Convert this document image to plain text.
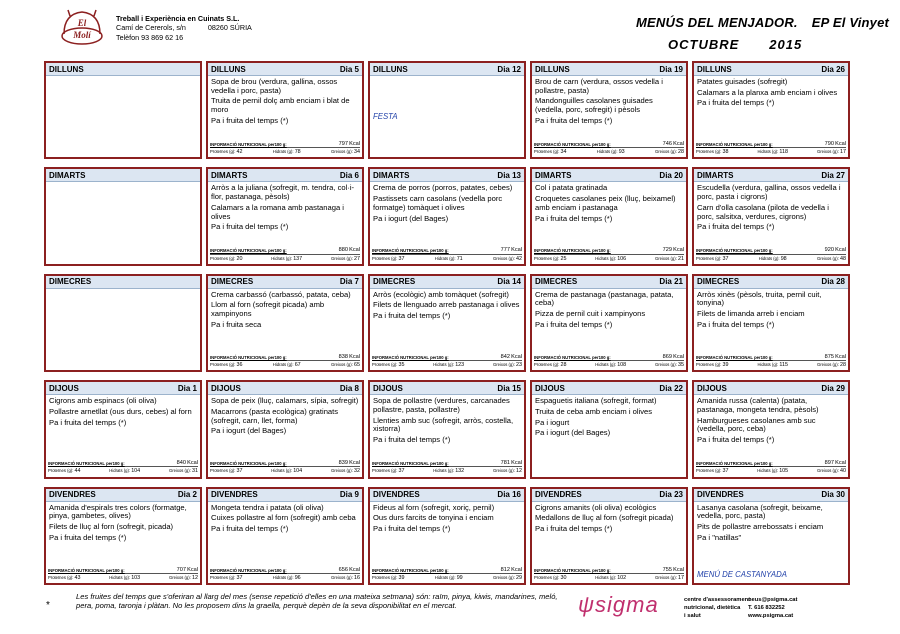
El
Molí
Treball i Experiència en Cuinats S.L.
Camí de Cererols, s/n	08260 SÚRIA
Telèfon 93 869 62 16
MENÚS DEL MENJADOR. EP El Vinyet
OCTUBRE 2015
DILLUNS	DILLUNS	Dia 5
Sopa de brou (verdura, gallina, ossos vedella i porc, pasta)
Truita de pernil dolç amb enciam i blat de moro
Pa i fruita del temps (*)
INFORMACIÓ NUTRICIONAL per100 g:	797 Kcal
Proteïnes (g): 42	Hidrats (g): 78	Greixos (g): 34
DILLUNS	Dia 12
FESTA
DILLUNS	Dia 19
Brou de carn (verdura, ossos vedella i pollastre, pasta)
Mandonguilles casolanes guisades (vedella, porc, sofregit) i pèsols
Pa i fruita del temps (*)
INFORMACIÓ NUTRICIONAL per100 g:	746 Kcal
Proteïnes (g): 34	Hidrats (g): 93	Greixos (g): 28
DILLUNS	Dia 26
Patates guisades (sofregit)
Calamars a la planxa amb enciam i olives
Pa i fruita del temps (*)
INFORMACIÓ NUTRICIONAL per100 g:	790 Kcal
Proteïnes (g): 38	Hidrats (g): 118	Greixos (g): 17
DIMARTS	DIMARTS	Dia 6
Arròs a la juliana (sofregit, m. tendra, col·i-flor, pastanaga, pèsols)
Calamars a la romana amb pastanaga i olives
Pa i fruita del temps (*)
INFORMACIÓ NUTRICIONAL per100 g:	880 Kcal
Proteïnes (g): 20	Hidrats (g): 137	Greixos (g): 27
DIMARTS	Dia 13
Crema de porros (porros, patates, cebes)
Pastissets carn casolans (vedella porc formatge) tomàquet i olives
Pa i iogurt (del Bages)
INFORMACIÓ NUTRICIONAL per100 g:	777 Kcal
Proteïnes (g): 37	Hidrats (g): 71	Greixos (g): 42
DIMARTS	Dia 20
Col i patata gratinada
Croquetes casolanes peix (lluç, beixamel) amb enciam i pastanaga
Pa i fruita del temps (*)
INFORMACIÓ NUTRICIONAL per100 g:	729 Kcal
Proteïnes (g): 25	Hidrats (g): 106	Greixos (g): 21
DIMARTS	Dia 27
Escudella (verdura, gallina, ossos vedella i porc, pasta i cigrons)
Carn d'olla casolana (pilota de vedella i porc, salsitxa, verdures, cigrons)
Pa i fruita del temps (*)
INFORMACIÓ NUTRICIONAL per100 g:	920 Kcal
Proteïnes (g): 37	Hidrats (g): 98	Greixos (g): 48
DIMECRES	DIMECRES	Dia 7
Crema carbassó (carbassó, patata, ceba)
Llom al forn (sofregit picada) amb xampinyons
Pa i fruita seca
INFORMACIÓ NUTRICIONAL per100 g:	838 Kcal
Proteïnes (g): 36	Hidrats (g): 67	Greixos (g): 65
DIMECRES	Dia 14
Arròs (ecològic) amb tomàquet (sofregit)
Filets de llenguado arreb pastanaga i olives
Pa i fruita del temps (*)
INFORMACIÓ NUTRICIONAL per100 g:	842 Kcal
Proteïnes (g): 35	Hidrats (g): 123	Greixos (g): 23
DIMECRES	Dia 21
Crema de pastanaga (pastanaga, patata, ceba)
Pizza de pernil cuit i xampinyons
Pa i fruita del temps (*)
INFORMACIÓ NUTRICIONAL per100 g:	869 Kcal
Proteïnes (g): 28	Hidrats (g): 108	Greixos (g): 35
DIMECRES	Dia 28
Arròs xinès (pèsols, truita, pernil cuit, tonyina)
Filets de limanda arreb i enciam
Pa i fruita del temps (*)
INFORMACIÓ NUTRICIONAL per100 g:	875 Kcal
Proteïnes (g): 39	Hidrats (g): 115	Greixos (g): 28
DIJOUS	Dia 1
Cigrons amb espinacs (oli oliva)
Pollastre arnetllat (ous durs, cebes) al forn
Pa i fruita del temps (*)
INFORMACIÓ NUTRICIONAL per100 g:	840 Kcal
Proteïnes (g): 44	Hidrats (g): 104	Greixos (g): 31
DIJOUS	Dia 8
Sopa de peix (lluç, calamars, sípia, sofregit)
Macarrons (pasta ecològica) gratinats (sofregit, carn, llet, forma)
Pa i iogurt (del Bages)
INFORMACIÓ NUTRICIONAL per100 g:	839 Kcal
Proteïnes (g): 37	Hidrats (g): 104	Greixos (g): 32
DIJOUS	Dia 15
Sopa de pollastre (verdures, carcanades pollastre, pasta, pollastre)
Llenties amb suc (sofregit, arròs, costella, xistorra)
Pa i fruita del temps (*)
INFORMACIÓ NUTRICIONAL per100 g:	781 Kcal
Proteïnes (g): 37	Hidrats (g): 132	Greixos (g): 12
DIJOUS	Dia 22
Espaguetis italiana (sofregit, format)
Truita de ceba amb enciam i olives
Pa i iogurt
Pa i iogurt (del Bages)
DIJOUS	Dia 29
Amanida russa (calenta) (patata, pastanaga, mongeta tendra, pèsols)
Hamburgueses casolanes amb suc (vedella, porc, ceba)
Pa i fruita del temps (*)
INFORMACIÓ NUTRICIONAL per100 g:	897 Kcal
Proteïnes (g): 37	Hidrats (g): 105	Greixos (g): 40
DIVENDRES	Dia 2
Amanida d'espirals tres colors (formatge, pinya, gambetes, olives)
Filets de lluç al forn (sofregit, picada)
Pa i fruita del temps (*)
INFORMACIÓ NUTRICIONAL per100 g:	707 Kcal
Proteïnes (g): 43	Hidrats (g): 103	Greixos (g): 12
DIVENDRES	Dia 9
Mongeta tendra i patata (oli oliva)
Cuixes pollastre al forn (sofregit) amb ceba
Pa i fruita del temps (*)
INFORMACIÓ NUTRICIONAL per100 g:	656 Kcal
Proteïnes (g): 37	Hidrats (g): 96	Greixos (g): 16
DIVENDRES	Dia 16
Fideus al forn (sofregit, xoriç, pernil)
Ous durs farcits de tonyina i enciam
Pa i fruita del temps (*)
INFORMACIÓ NUTRICIONAL per100 g:	812 Kcal
Proteïnes (g): 39	Hidrats (g): 99	Greixos (g): 29
DIVENDRES	Dia 23
Cigrons amanits (oli oliva) ecològics
Medallons de lluç al forn (sofregit picada)
Pa i fruita del temps (*)
INFORMACIÓ NUTRICIONAL per100 g:	755 Kcal
Proteïnes (g): 30	Hidrats (g): 102	Greixos (g): 17
DIVENDRES	Dia 30
Lasanya casolana (sofregit, beixame, vedella, porc, pasta)
Pits de pollastre arrebossats i enciam
Pa i "natillas"
MENÚ DE CASTANYADA
*
Les fruites del temps que s'oferiran al llarg del mes (sense repetició d'elles en una mateixa setmana) són: raïm, pinya, kiwis, mandarines, meló, pera, poma, taronja i plàtan. No les proposem dins la graella, perquè depèn de la seva disponibilitat en el mercat.	ψsigma	centre d'assessorament
nutricional, dietètica
i salut
neus@psigma.cat
T. 616 832252
www.psigma.cat
